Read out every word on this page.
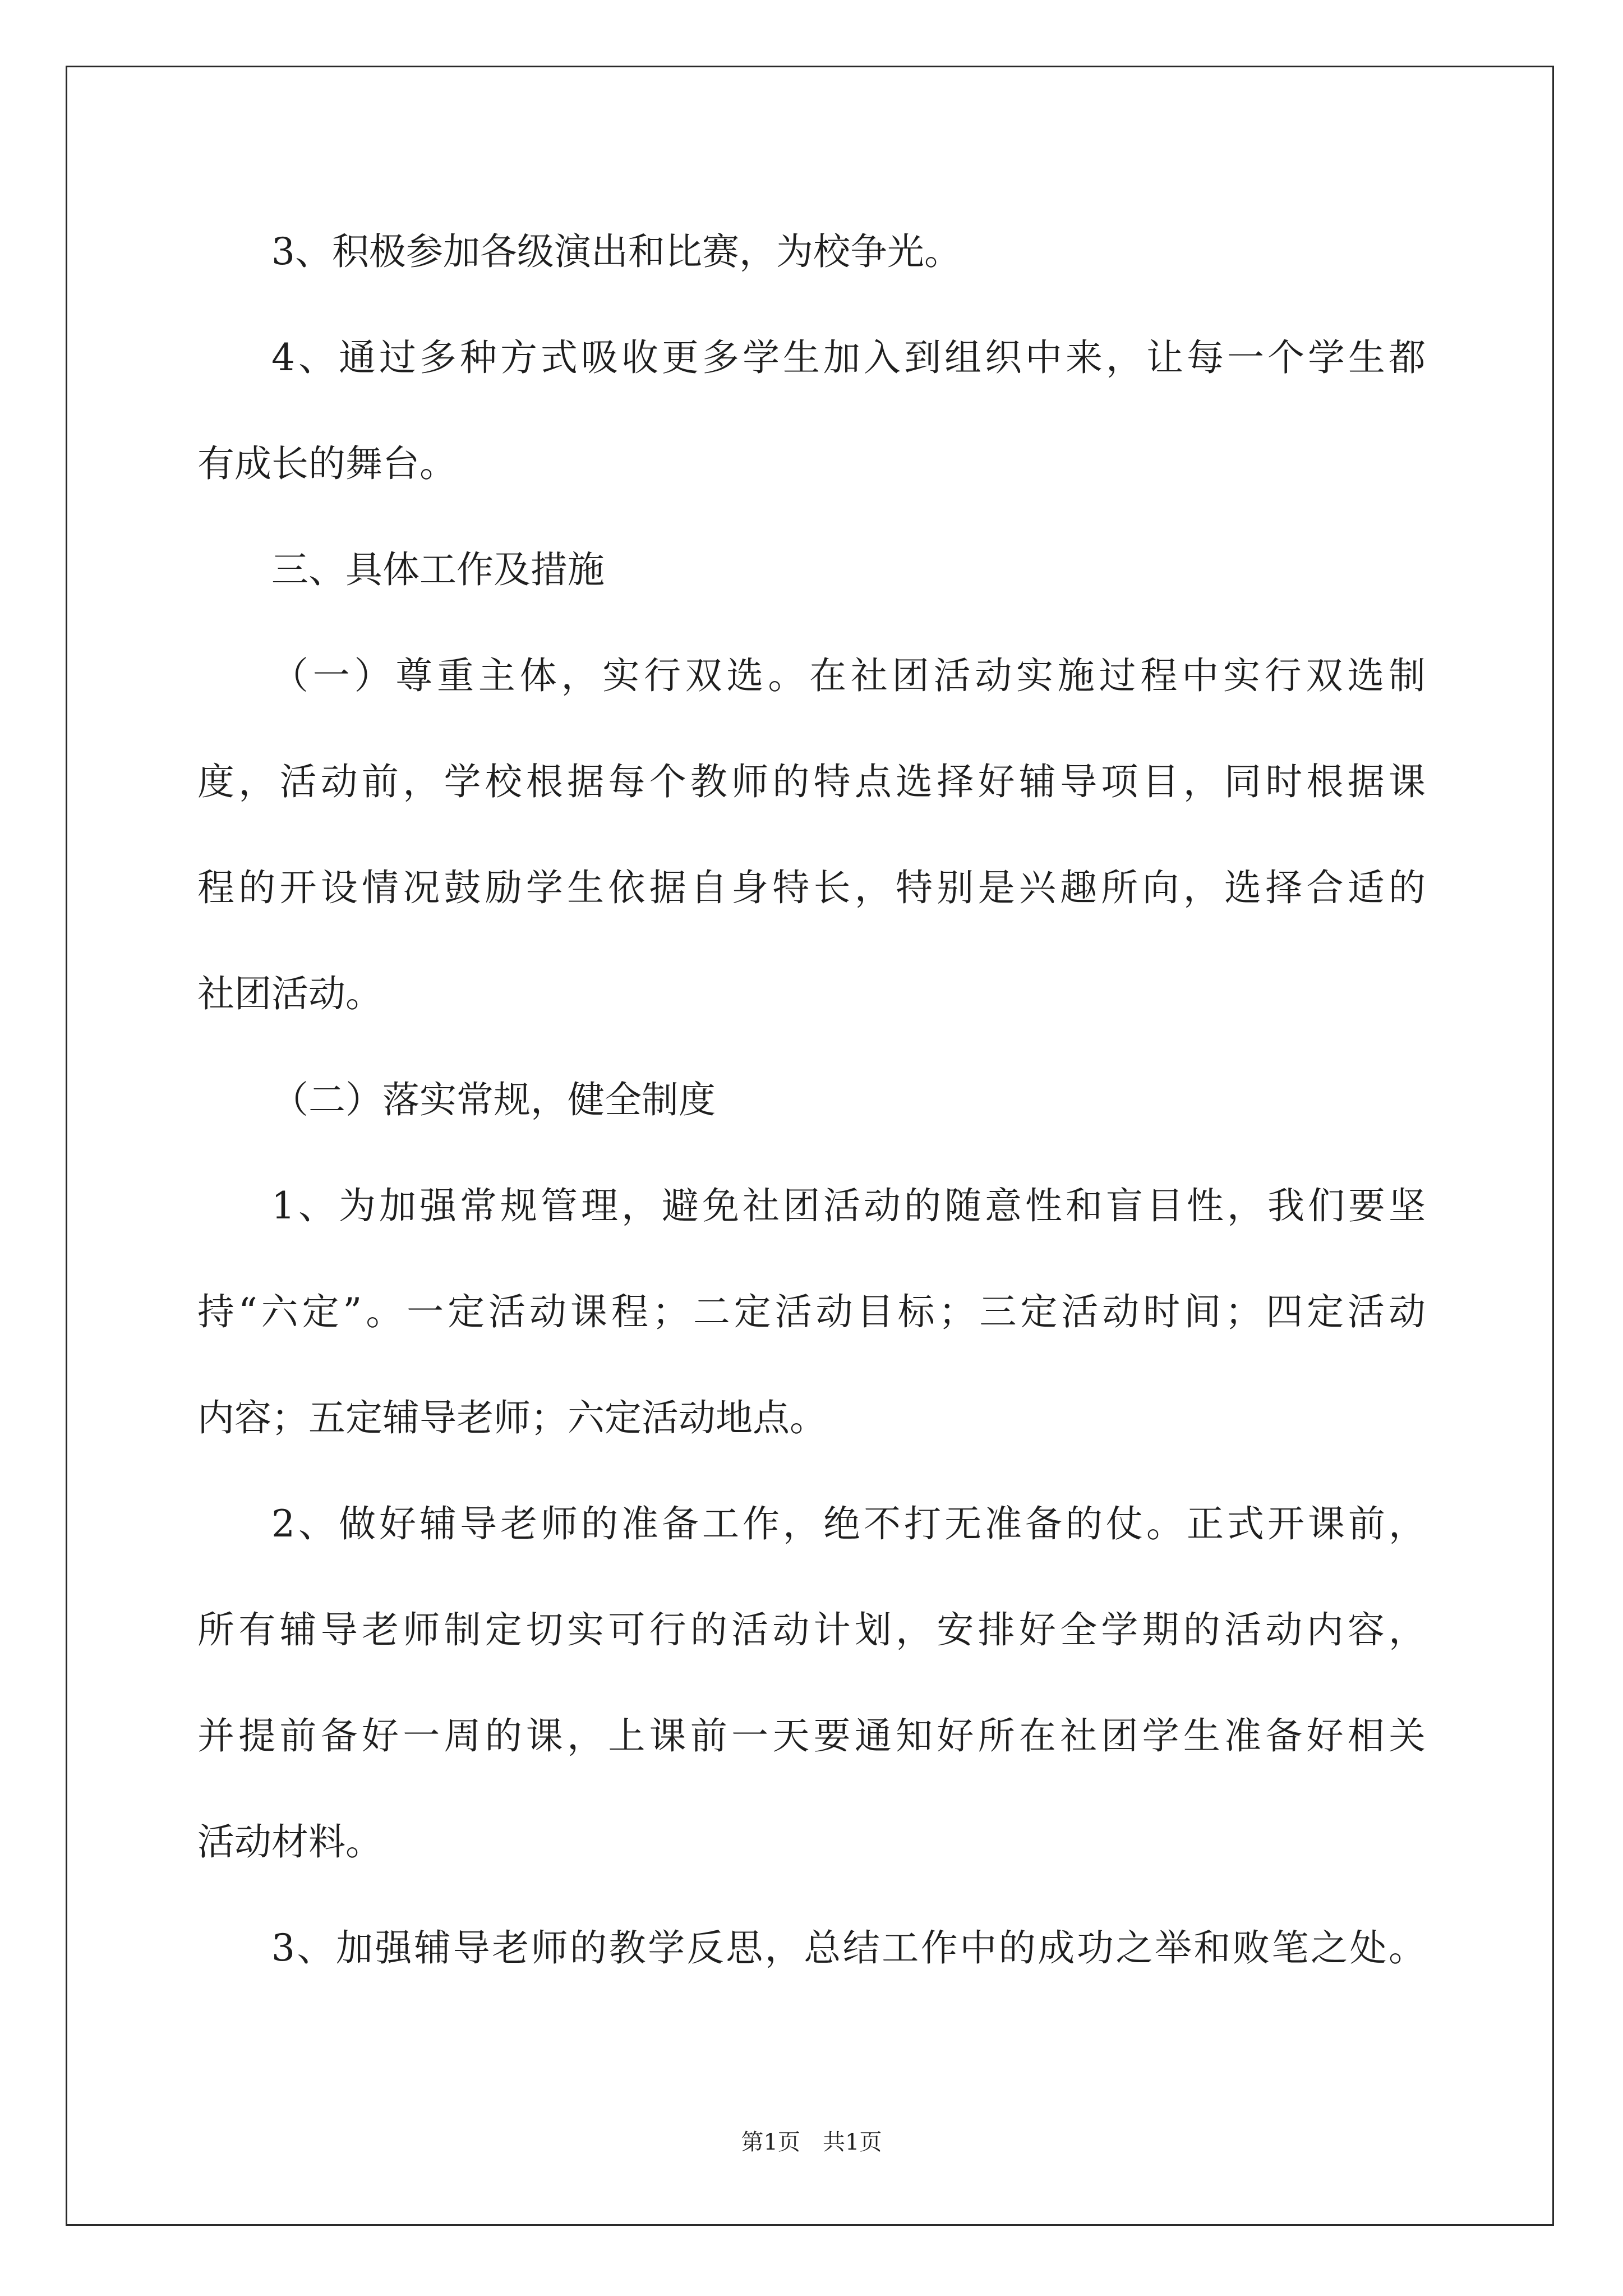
3、积极参加各级演出和比赛，为校争光。
4、通过多种方式吸收更多学生加入到组织中来，让每一个学生都
有成长的舞台。
三、具体工作及措施
（一）尊重主体，实行双选。在社团活动实施过程中实行双选制
度，活动前，学校根据每个教师的特点选择好辅导项目，同时根据课
程的开设情况鼓励学生依据自身特长，特别是兴趣所向，选择合适的
社团活动。
（二）落实常规，健全制度
1、为加强常规管理，避免社团活动的随意性和盲目性，我们要坚
持“六定”。一定活动课程；二定活动目标；三定活动时间；四定活动
内容；五定辅导老师；六定活动地点。
2、做好辅导老师的准备工作，绝不打无准备的仗。正式开课前，
所有辅导老师制定切实可行的活动计划，安排好全学期的活动内容，
并提前备好一周的课，上课前一天要通知好所在社团学生准备好相关
活动材料。
3、加强辅导老师的教学反思，总结工作中的成功之举和败笔之处。
第1页　共1页
